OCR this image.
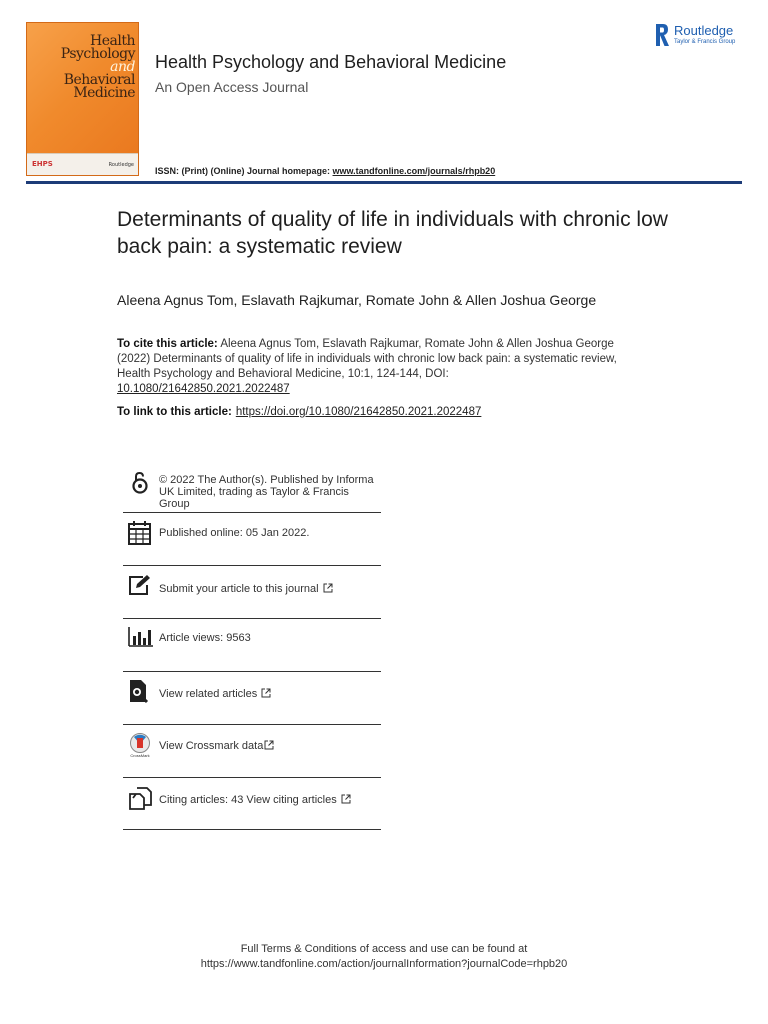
Health
Psychology
and
Behavioral
Medicine
EHPS	Routledge
Health Psychology and Behavioral Medicine
An Open Access Journal
ISSN: (Print) (Online) Journal homepage: www.tandfonline.com/journals/rhpb20
Routledge
Taylor & Francis Group
Determinants of quality of life in individuals with chronic low back pain: a systematic review
Aleena Agnus Tom, Eslavath Rajkumar, Romate John & Allen Joshua George
To cite this article: Aleena Agnus Tom, Eslavath Rajkumar, Romate John & Allen Joshua George (2022) Determinants of quality of life in individuals with chronic low back pain: a systematic review, Health Psychology and Behavioral Medicine, 10:1, 124-144, DOI: 10.1080/21642850.2021.2022487
To link to this article: https://doi.org/10.1080/21642850.2021.2022487
© 2022 The Author(s). Published by Informa UK Limited, trading as Taylor & Francis Group
Published online: 05 Jan 2022.
Submit your article to this journal
Article views: 9563
View related articles
CrossMark
View Crossmark data
Citing articles: 43 View citing articles
Full Terms & Conditions of access and use can be found at
https://www.tandfonline.com/action/journalInformation?journalCode=rhpb20
